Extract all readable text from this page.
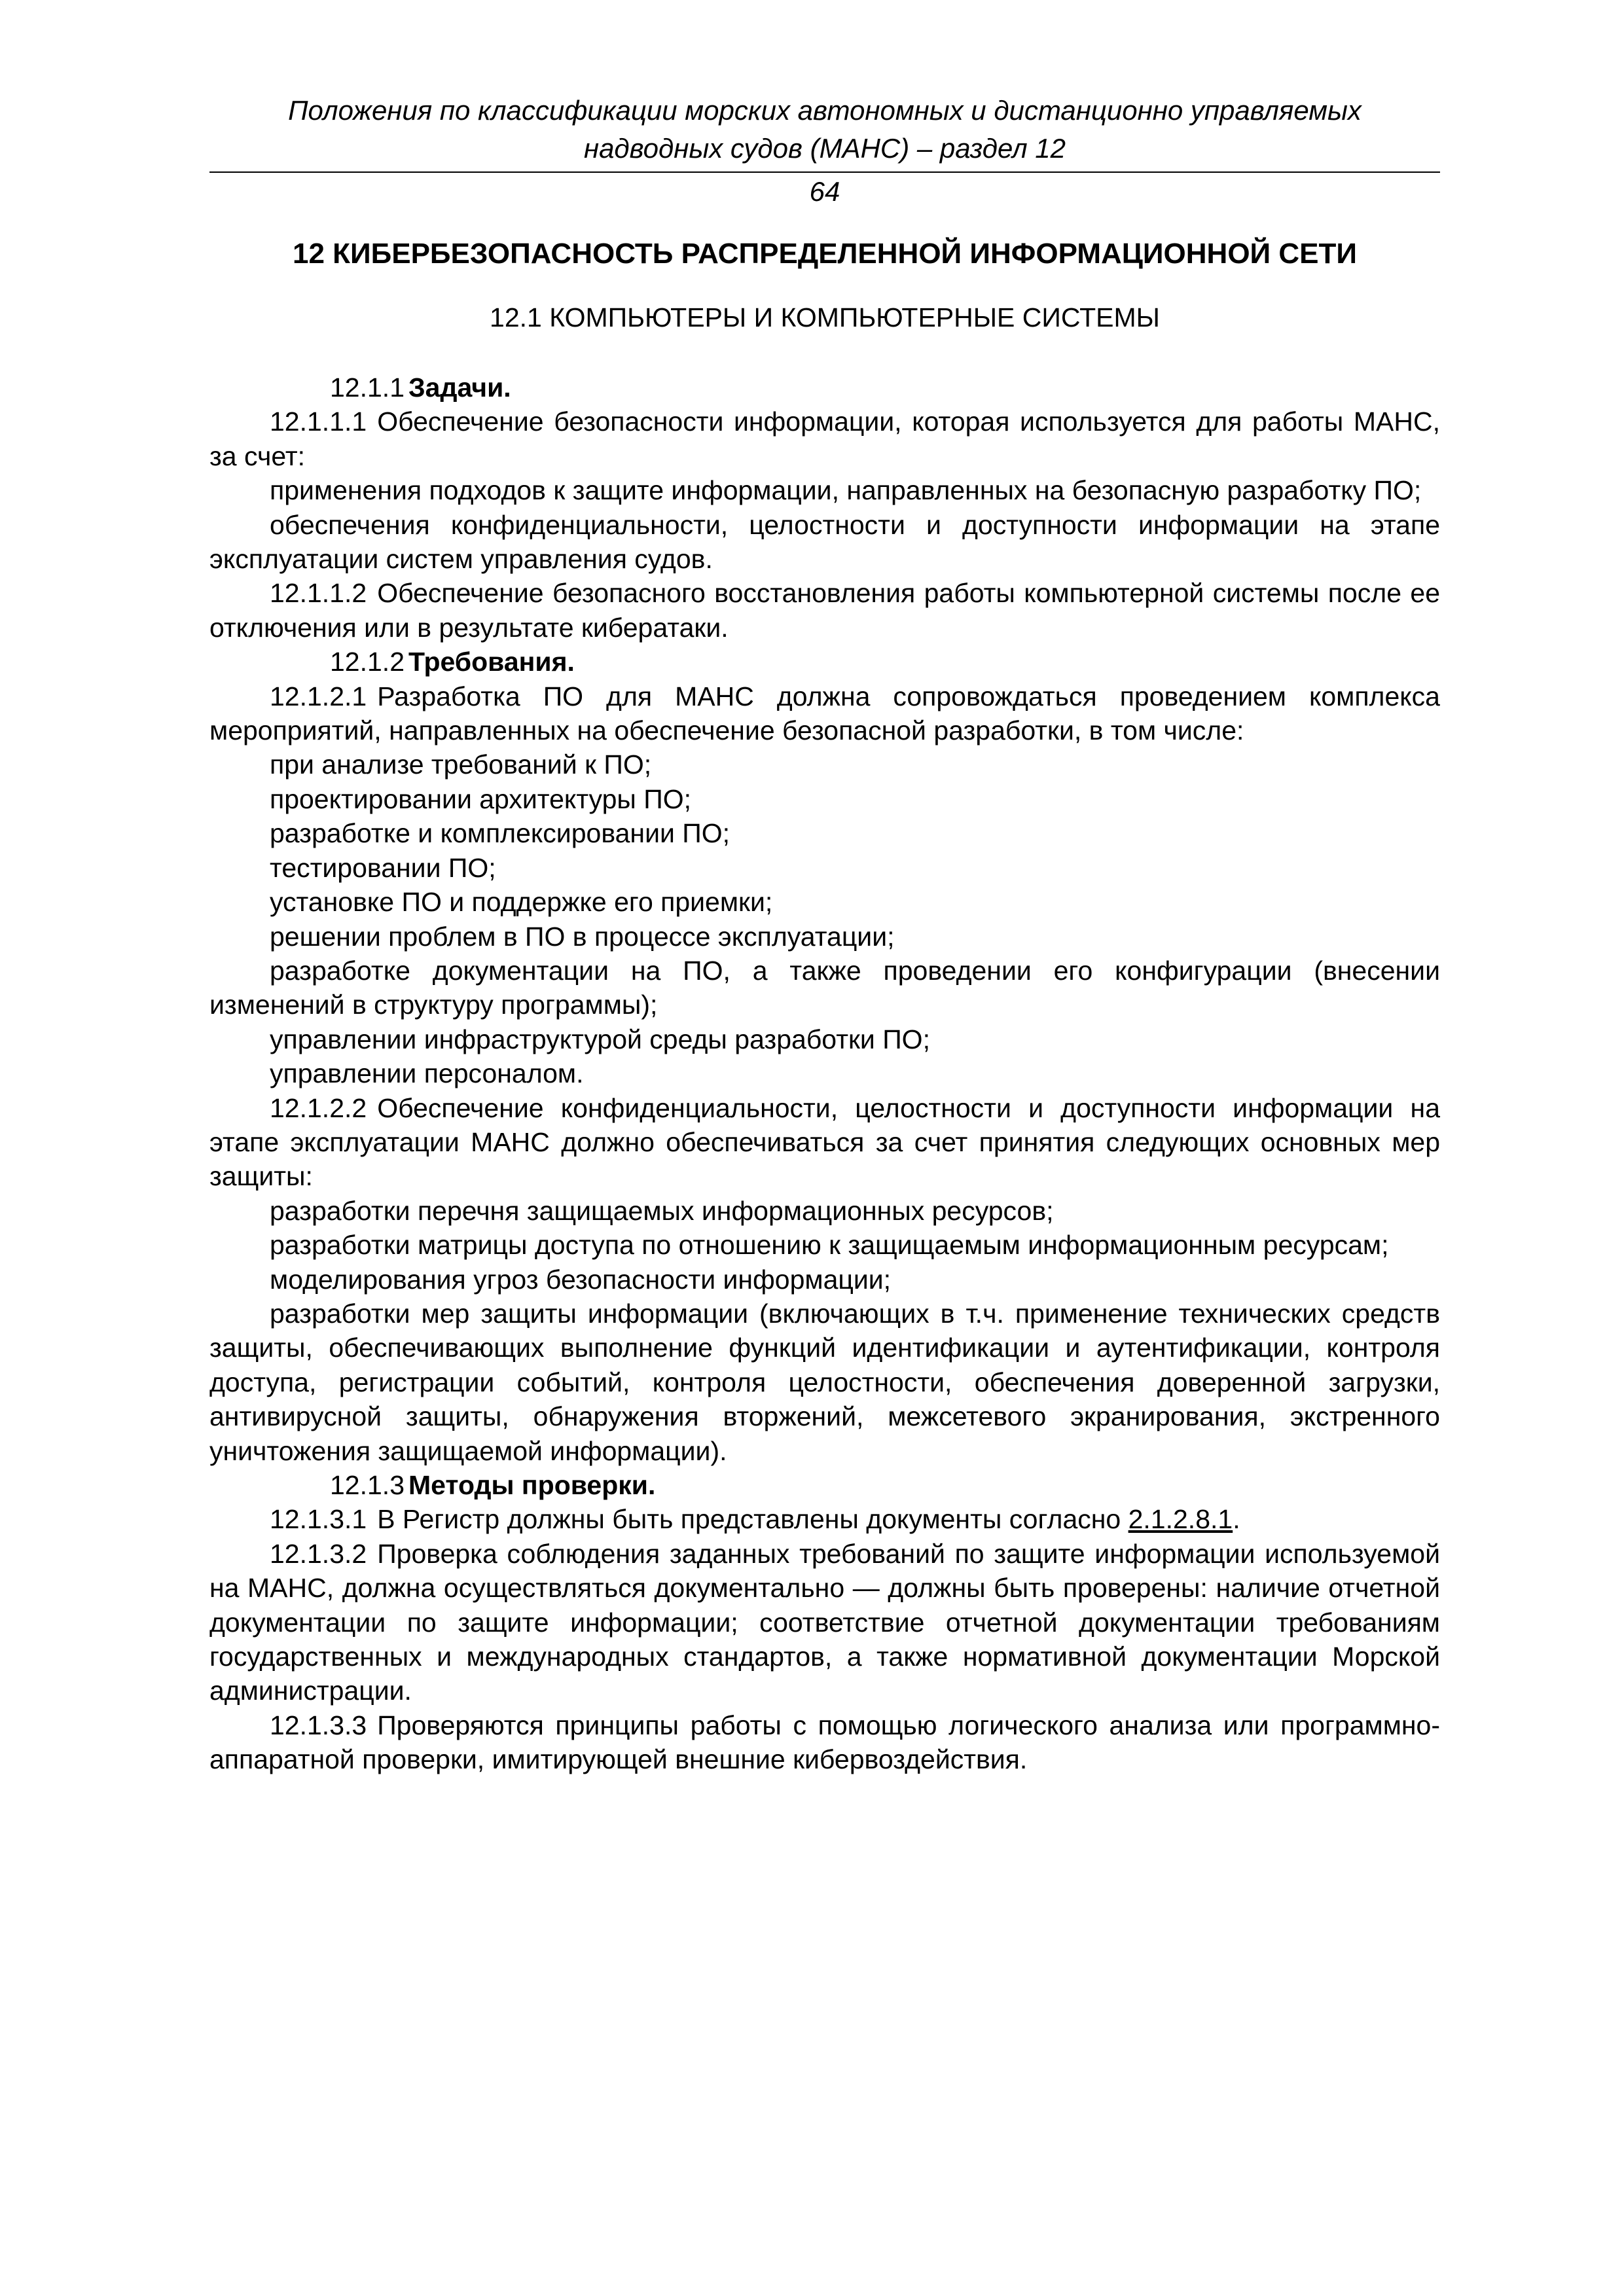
Положения по классификации морских автономных и дистанционно управляемых
надводных судов (МАНС) – раздел 12
64
12 КИБЕРБЕЗОПАСНОСТЬ РАСПРЕДЕЛЕННОЙ ИНФОРМАЦИОННОЙ СЕТИ
12.1 КОМПЬЮТЕРЫ И КОМПЬЮТЕРНЫЕ СИСТЕМЫ

12.1.1 Задачи.

12.1.1.1 Обеспечение безопасности информации, которая используется для работы МАНС, за счет:

применения подходов к защите информации, направленных на безопасную разработку ПО;

обеспечения конфиденциальности, целостности и доступности информации на этапе эксплуатации систем управления судов.

12.1.1.2 Обеспечение безопасного восстановления работы компьютерной системы после ее отключения или в результате кибератаки.

12.1.2 Требования.

12.1.2.1 Разработка ПО для МАНС должна сопровождаться проведением комплекса мероприятий, направленных на обеспечение безопасной разработки, в том числе:

при анализе требований к ПО;

проектировании архитектуры ПО;

разработке и комплексировании ПО;

тестировании ПО;

установке ПО и поддержке его приемки;

решении проблем в ПО в процессе эксплуатации;

разработке документации на ПО, а также проведении его конфигурации (внесении изменений в структуру программы);

управлении инфраструктурой среды разработки ПО;

управлении персоналом.

12.1.2.2 Обеспечение конфиденциальности, целостности и доступности информации на этапе эксплуатации МАНС должно обеспечиваться за счет принятия следующих основных мер защиты:

разработки перечня защищаемых информационных ресурсов;

разработки матрицы доступа по отношению к защищаемым информационным ресурсам;

моделирования угроз безопасности информации;

разработки мер защиты информации (включающих в т.ч. применение технических средств защиты, обеспечивающих выполнение функций идентификации и аутентификации, контроля доступа, регистрации событий, контроля целостности, обеспечения доверенной загрузки, антивирусной защиты, обнаружения вторжений, межсетевого экранирования, экстренного уничтожения защищаемой информации).

12.1.3 Методы проверки.

12.1.3.1 В Регистр должны быть представлены документы согласно 2.1.2.8.1.

12.1.3.2 Проверка соблюдения заданных требований по защите информации используемой на МАНС, должна осуществляться документально — должны быть проверены: наличие отчетной документации по защите информации; соответствие отчетной документации требованиям государственных и международных стандартов, а также нормативной документации Морской администрации.

12.1.3.3 Проверяются принципы работы с помощью логического анализа или программно-аппаратной проверки, имитирующей внешние кибервоздействия.
